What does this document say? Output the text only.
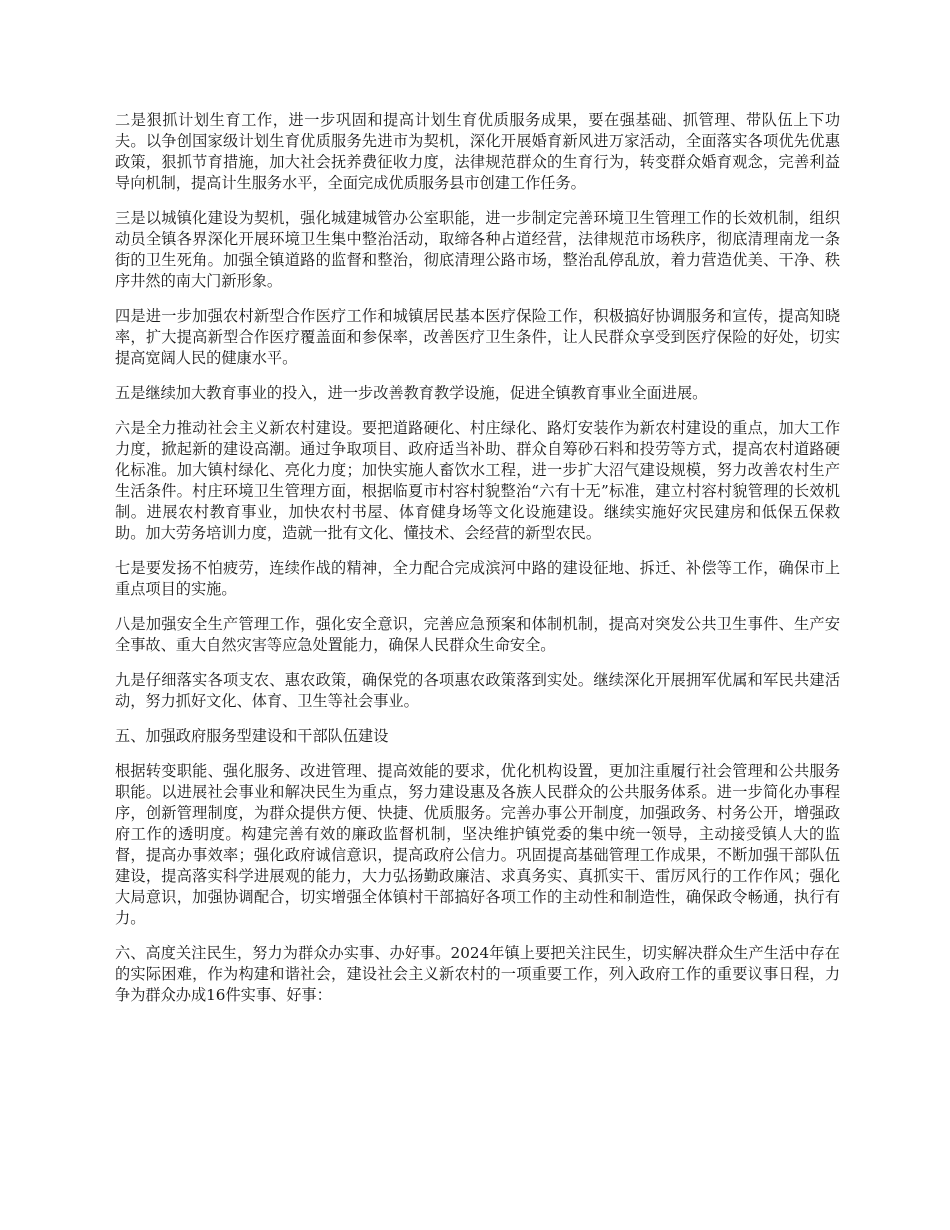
二是狠抓计划生育工作，进一步巩固和提高计划生育优质服务成果，要在强基础、抓管理、带队伍上下功夫。以争创国家级计划生育优质服务先进市为契机，深化开展婚育新风进万家活动，全面落实各项优先优惠政策，狠抓节育措施，加大社会抚养费征收力度，法律规范群众的生育行为，转变群众婚育观念，完善利益导向机制，提高计生服务水平，全面完成优质服务县市创建工作任务。

三是以城镇化建设为契机，强化城建城管办公室职能，进一步制定完善环境卫生管理工作的长效机制，组织动员全镇各界深化开展环境卫生集中整治活动，取缔各种占道经营，法律规范市场秩序，彻底清理南龙一条街的卫生死角。加强全镇道路的监督和整治，彻底清理公路市场，整治乱停乱放，着力营造优美、干净、秩序井然的南大门新形象。

四是进一步加强农村新型合作医疗工作和城镇居民基本医疗保险工作，积极搞好协调服务和宣传，提高知晓率，扩大提高新型合作医疗覆盖面和参保率，改善医疗卫生条件，让人民群众享受到医疗保险的好处，切实提高宽阔人民的健康水平。

五是继续加大教育事业的投入，进一步改善教育教学设施，促进全镇教育事业全面进展。

六是全力推动社会主义新农村建设。要把道路硬化、村庄绿化、路灯安装作为新农村建设的重点，加大工作力度，掀起新的建设高潮。通过争取项目、政府适当补助、群众自筹砂石料和投劳等方式，提高农村道路硬化标准。加大镇村绿化、亮化力度；加快实施人畜饮水工程，进一步扩大沼气建设规模，努力改善农村生产生活条件。村庄环境卫生管理方面，根据临夏市村容村貌整治“六有十无”标准，建立村容村貌管理的长效机制。进展农村教育事业，加快农村书屋、体育健身场等文化设施建设。继续实施好灾民建房和低保五保救助。加大劳务培训力度，造就一批有文化、懂技术、会经营的新型农民。

七是要发扬不怕疲劳，连续作战的精神，全力配合完成滨河中路的建设征地、拆迁、补偿等工作，确保市上重点项目的实施。

八是加强安全生产管理工作，强化安全意识，完善应急预案和体制机制，提高对突发公共卫生事件、生产安全事故、重大自然灾害等应急处置能力，确保人民群众生命安全。

九是仔细落实各项支农、惠农政策，确保党的各项惠农政策落到实处。继续深化开展拥军优属和军民共建活动，努力抓好文化、体育、卫生等社会事业。

五、加强政府服务型建设和干部队伍建设

根据转变职能、强化服务、改进管理、提高效能的要求，优化机构设置，更加注重履行社会管理和公共服务职能。以进展社会事业和解决民生为重点，努力建设惠及各族人民群众的公共服务体系。进一步简化办事程序，创新管理制度，为群众提供方便、快捷、优质服务。完善办事公开制度，加强政务、村务公开，增强政府工作的透明度。构建完善有效的廉政监督机制，坚决维护镇党委的集中统一领导，主动接受镇人大的监督，提高办事效率；强化政府诚信意识，提高政府公信力。巩固提高基础管理工作成果，不断加强干部队伍建设，提高落实科学进展观的能力，大力弘扬勤政廉洁、求真务实、真抓实干、雷厉风行的工作作风；强化大局意识，加强协调配合，切实增强全体镇村干部搞好各项工作的主动性和制造性，确保政令畅通，执行有力。

六、高度关注民生，努力为群众办实事、办好事。2024年镇上要把关注民生，切实解决群众生产生活中存在的实际困难，作为构建和谐社会，建设社会主义新农村的一项重要工作，列入政府工作的重要议事日程，力争为群众办成16件实事、好事：
